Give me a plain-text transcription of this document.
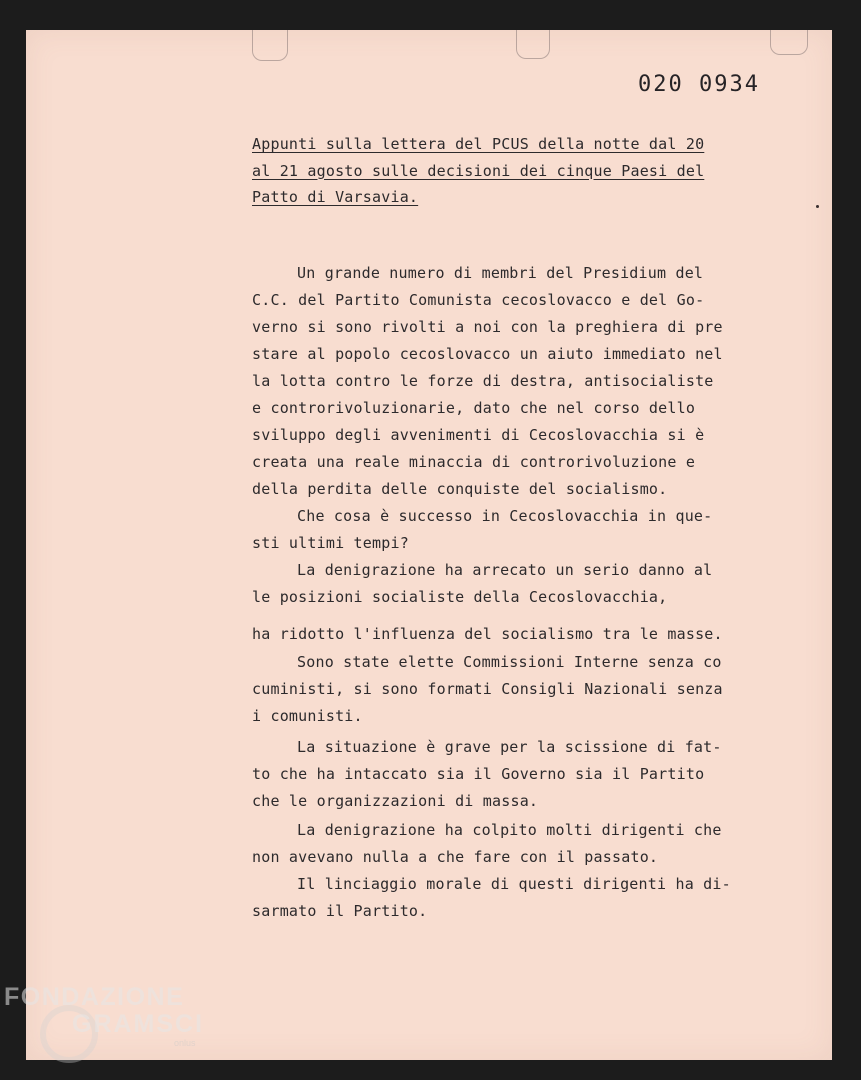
020 0934
Appunti sulla lettera del PCUS della notte dal 20
al 21 agosto sulle decisioni dei cinque Paesi del
Patto di Varsavia.
Un grande numero di membri del Presidium del
C.C. del Partito Comunista cecoslovacco e del Go-
verno si sono rivolti a noi con la preghiera di pre
stare al popolo cecoslovacco un aiuto immediato nel
la lotta contro le forze di destra, antisocialiste
e controrivoluzionarie, dato che nel corso dello
sviluppo degli avvenimenti di Cecoslovacchia si è
creata una reale minaccia di controrivoluzione e
della perdita delle conquiste del socialismo.
Che cosa è successo in Cecoslovacchia in que-
sti ultimi tempi?
La denigrazione ha arrecato un serio danno al
le posizioni socialiste della Cecoslovacchia,
ha ridotto l'influenza del socialismo tra le masse.
Sono state elette Commissioni Interne senza co
cuministi, si sono formati Consigli Nazionali senza
i comunisti.
La situazione è grave per la scissione di fat-
to che ha intaccato sia il Governo sia il Partito
che le organizzazioni di massa.
La denigrazione ha colpito molti dirigenti che
non avevano nulla a che fare con il passato.
Il linciaggio morale di questi dirigenti ha di-
sarmato il Partito.
FONDAZIONE
GRAMSCI
onlus
